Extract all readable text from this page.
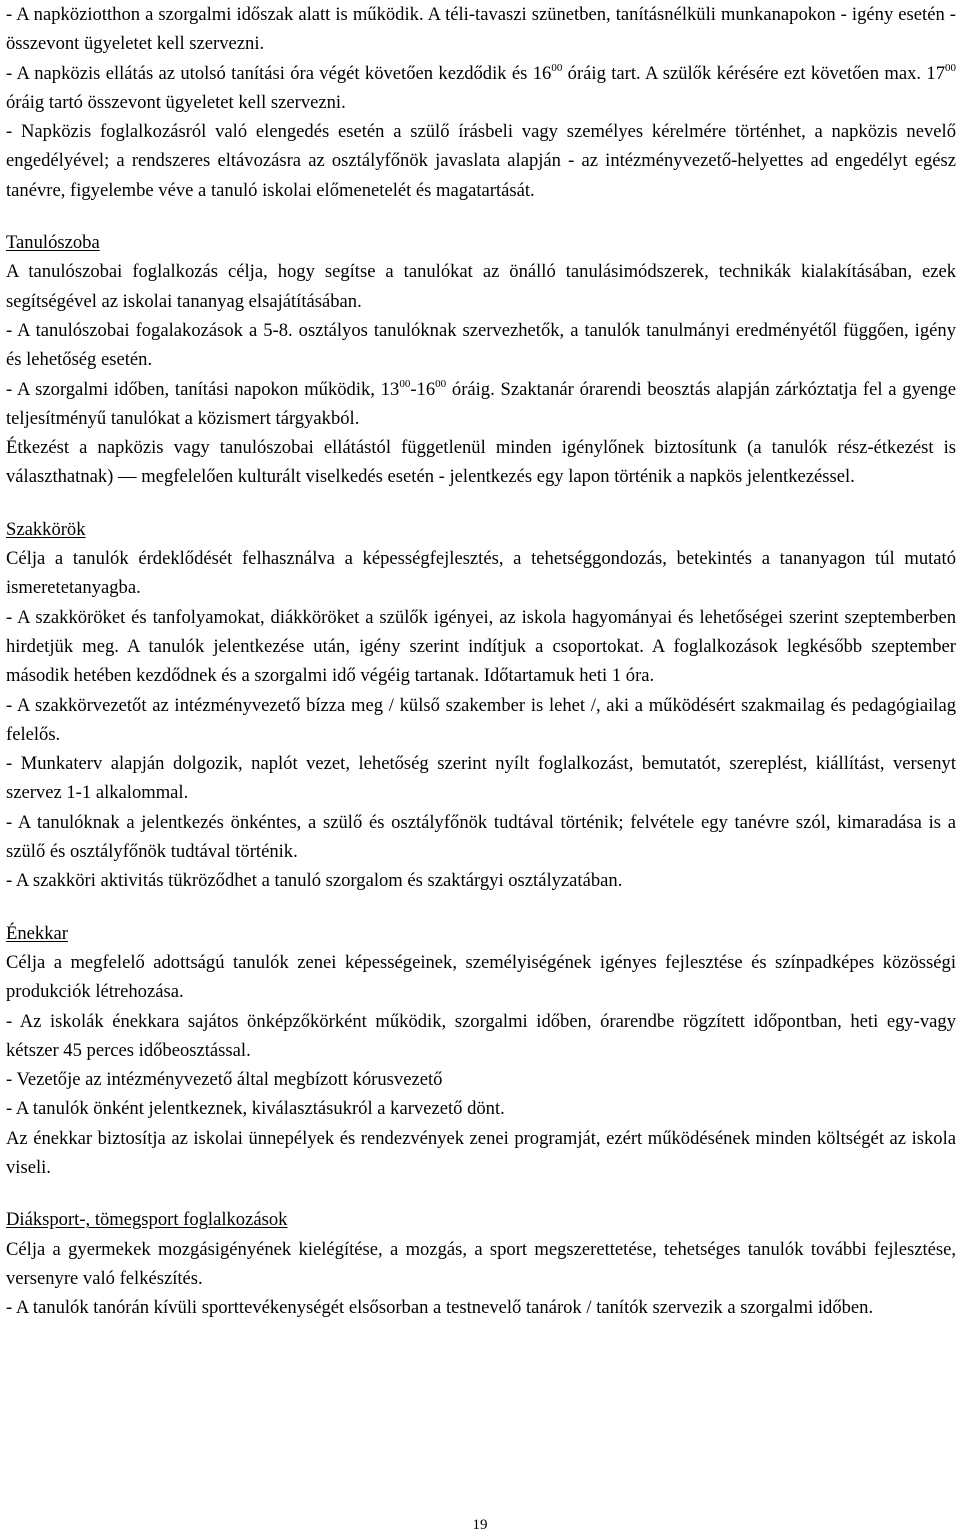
- A napköziotthon a szorgalmi időszak alatt is működik. A téli-tavaszi szünetben, tanításnélküli munkanapokon - igény esetén - összevont ügyeletet kell szervezni.

- A napközis ellátás az utolsó tanítási óra végét követően kezdődik és $16^{00}$ óráig tart. A szülők kérésére ezt követően max. $17^{00}$ óráig tartó összevont ügyeletet kell szervezni.

- Napközis foglalkozásról való elengedés esetén a szülő írásbeli vagy személyes kérelmére történhet, a napközis nevelő engedélyével; a rendszeres eltávozásra az osztályfőnök javaslata alapján - az intézményvezető-helyettes ad engedélyt egész tanévre, figyelembe véve a tanuló iskolai előmenetelét és magatartását.

Tanulószoba

A tanulószobai foglalkozás célja, hogy segítse a tanulókat az önálló tanulásimódszerek, technikák kialakításában, ezek segítségével az iskolai tananyag elsajátításában.

- A tanulószobai fogalakozások a 5-8. osztályos tanulóknak szervezhetők, a tanulók tanulmányi eredményétől függően, igény és lehetőség esetén.

- A szorgalmi időben, tanítási napokon működik, $13^{00}-16^{00}$ óráig. Szaktanár órarendi beosztás alapján zárkóztatja fel a gyenge teljesítményű tanulókat a közismert tárgyakból.

Étkezést a napközis vagy tanulószobai ellátástól függetlenül minden igénylőnek biztosítunk (a tanulók rész-étkezést is választhatnak) ― megfelelően kulturált viselkedés esetén - jelentkezés egy lapon történik a napkös jelentkezéssel.

Szakkörök

Célja a tanulók érdeklődését felhasználva a képességfejlesztés, a tehetséggondozás, betekintés a tananyagon túl mutató ismeretetanyagba.

- A szakköröket és tanfolyamokat, diákköröket a szülők igényei, az iskola hagyományai és lehetőségei szerint szeptemberben hirdetjük meg. A tanulók jelentkezése után, igény szerint indítjuk a csoportokat. A foglalkozások legkésőbb szeptember második hetében kezdődnek és a szorgalmi idő végéig tartanak. Időtartamuk heti 1 óra.

- A szakkörvezetőt az intézményvezető bízza meg / külső szakember is lehet /, aki a működésért szakmailag és pedagógiailag felelős.

- Munkaterv alapján dolgozik, naplót vezet, lehetőség szerint nyílt foglalkozást, bemutatót, szereplést, kiállítást, versenyt szervez 1-1 alkalommal.

- A tanulóknak a jelentkezés önkéntes, a szülő és osztályfőnök tudtával történik; felvétele egy tanévre szól, kimaradása is a szülő és osztályfőnök tudtával történik.

- A szakköri aktivitás tükröződhet a tanuló szorgalom és szaktárgyi osztályzatában.

Énekkar

Célja a megfelelő adottságú tanulók zenei képességeinek, személyiségének igényes fejlesztése és színpadképes közösségi produkciók létrehozása.

- Az iskolák énekkara sajátos önképzőkörként működik, szorgalmi időben, órarendbe rögzített időpontban, heti egy-vagy kétszer 45 perces időbeosztással.

- Vezetője az intézményvezető által megbízott kórusvezető

- A tanulók önként jelentkeznek, kiválasztásukról a karvezető dönt.

Az énekkar biztosítja az iskolai ünnepélyek és rendezvények zenei programját, ezért működésének minden költségét az iskola viseli.

Diáksport-, tömegsport foglalkozások

Célja a gyermekek mozgásigényének kielégítése, a mozgás, a sport megszerettetése, tehetséges tanulók további fejlesztése, versenyre való felkészítés.

- A tanulók tanórán kívüli sporttevékenységét elsősorban a testnevelő tanárok / tanítók szervezik a szorgalmi időben.

19
